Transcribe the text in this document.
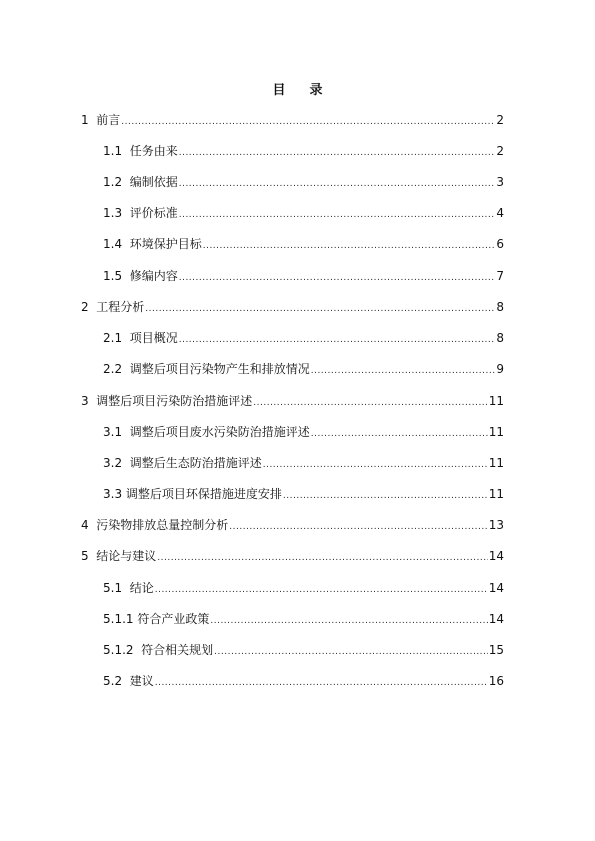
目录
1  前言 .....	2
1.1  任务由来 .....	2
1.2  编制依据 .....	3
1.3  评价标准 .....	4
1.4  环境保护目标 .....	6
1.5  修编内容 .....	7
2  工程分析 .....	8
2.1  项目概况 .....	8
2.2  调整后项目污染物产生和排放情况 .....	9
3  调整后项目污染防治措施评述 .....	11
3.1  调整后项目废水污染防治措施评述 .....	11
3.2  调整后生态防治措施评述 .....	11
3.3 调整后项目环保措施进度安排 .....	11
4  污染物排放总量控制分析 .....	13
5  结论与建议 .....	14
5.1  结论 .....	14
5.1.1 符合产业政策 .....	14
5.1.2  符合相关规划 .....	15
5.2  建议 .....	16
